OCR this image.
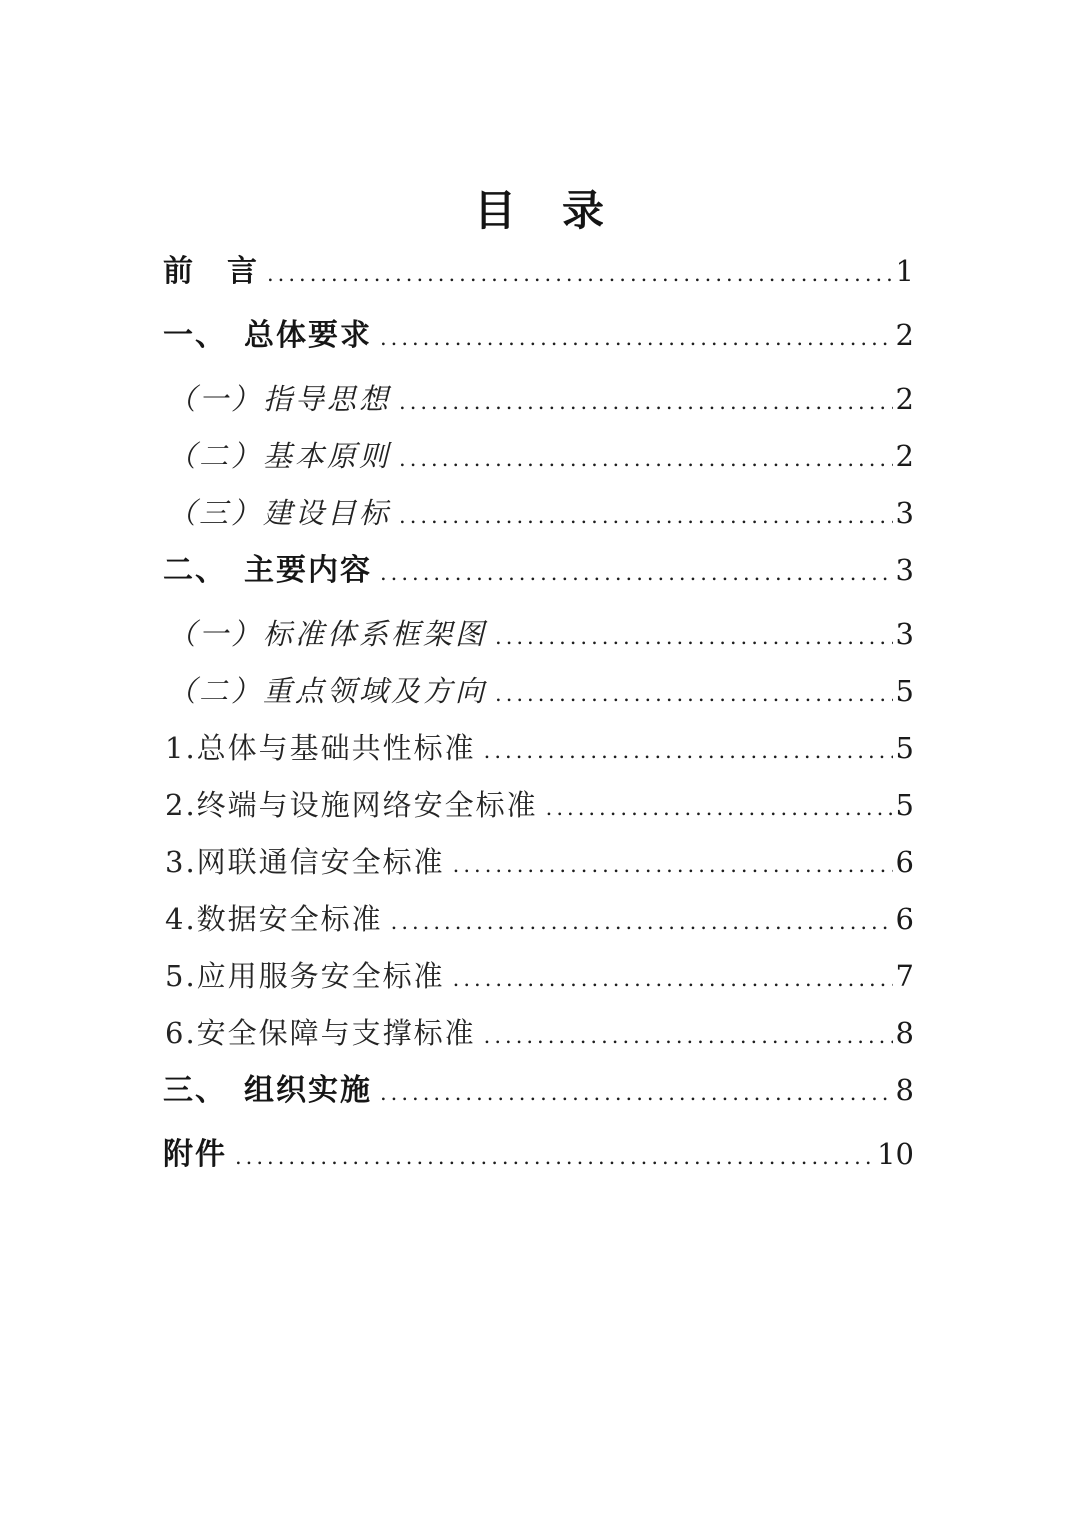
目　录
前　言 .....	1
一、　总体要求 .....	2
（一）指导思想 .....	2
（二）基本原则 .....	2
（三）建设目标 .....	3
二、　主要内容 .....	3
（一）标准体系框架图 .....	3
（二）重点领域及方向 .....	5
1.总体与基础共性标准 .....	5
2.终端与设施网络安全标准 .....	5
3.网联通信安全标准 .....	6
4.数据安全标准 .....	6
5.应用服务安全标准 .....	7
6.安全保障与支撑标准 .....	8
三、　组织实施 .....	8
附件 .....	10
